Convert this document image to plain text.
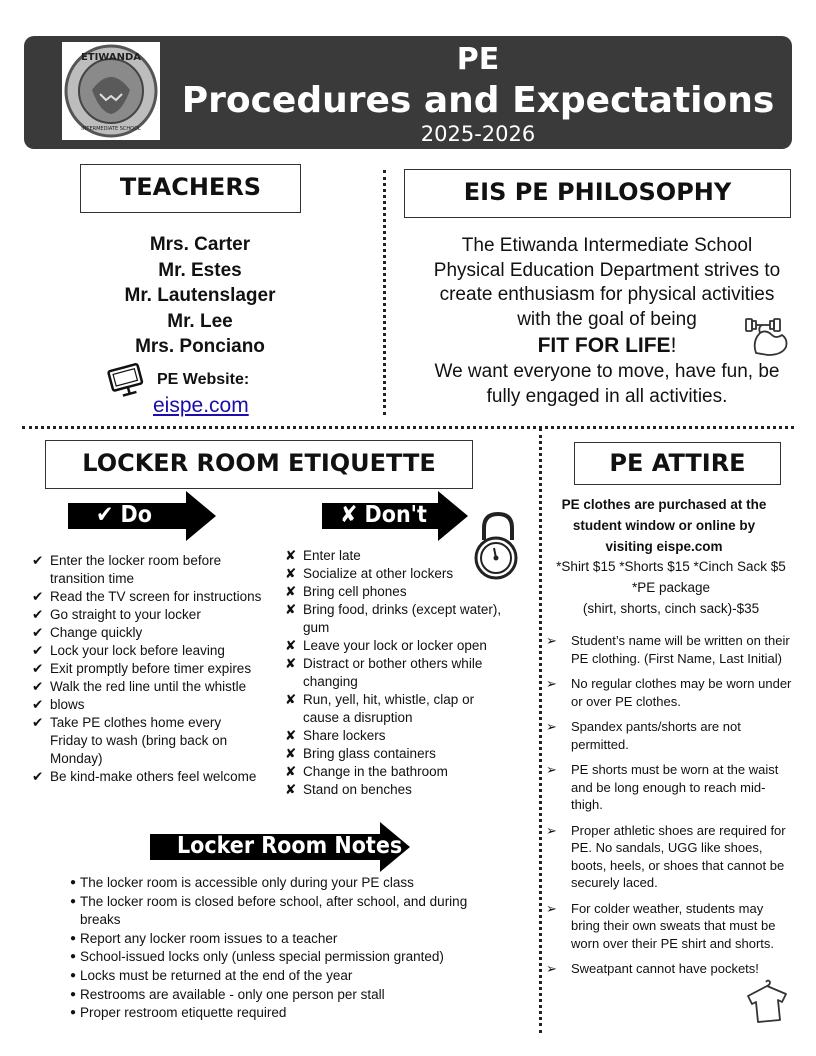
ETIWANDA
INTERMEDIATE SCHOOL
PE
Procedures and Expectations
2025-2026
TEACHERS
Mrs. Carter
Mr. Estes
Mr. Lautenslager
Mr. Lee
Mrs. Ponciano
PE Website:
eispe.com
EIS PE PHILOSOPHY
The Etiwanda Intermediate School
Physical Education Department strives to
create enthusiasm for physical activities
with the goal of being
FIT FOR LIFE!
We want everyone to move, have fun, be
fully engaged in all activities.
LOCKER ROOM ETIQUETTE
✔ Do	✘ Don't
✔ Enter the locker room before transition time
✔ Read the TV screen for instructions
✔ Go straight to your locker
✔ Change quickly
✔ Lock your lock before leaving
✔ Exit promptly before timer expires
✔ Walk the red line until the whistle
✔ blows
✔ Take PE clothes home every Friday to wash (bring back on Monday)
✔ Be kind-make others feel welcome
✘ Enter late
✘ Socialize at other lockers
✘ Bring cell phones
✘ Bring food, drinks (except water), gum
✘ Leave your lock or locker open
✘ Distract or bother others while changing
✘ Run, yell, hit, whistle, clap or cause a disruption
✘ Share lockers
✘ Bring glass containers
✘ Change in the bathroom
✘ Stand on benches
Locker Room Notes
● The locker room is accessible only during your PE class
● The locker room is closed before school, after school, and during breaks
● Report any locker room issues to a teacher
● School-issued locks only (unless special permission granted)
● Locks must be returned at the end of the year
● Restrooms are available - only one person per stall
● Proper restroom etiquette required
PE ATTIRE
PE clothes are purchased at the student window or online by visiting eispe.com
*Shirt $15 *Shorts $15 *Cinch Sack $5
*PE package
(shirt, shorts, cinch sack)-$35
➢ Student’s name will be written on their PE clothing. (First Name, Last Initial)
➢ No regular clothes may be worn under or over PE clothes.
➢ Spandex pants/shorts are not permitted.
➢ PE shorts must be worn at the waist and be long enough to reach mid-thigh.
➢ Proper athletic shoes are required for PE. No sandals, UGG like shoes, boots, heels, or shoes that cannot be securely laced.
➢ For colder weather, students may bring their own sweats that must be worn over their PE shirt and shorts.
➢ Sweatpant cannot have pockets!
